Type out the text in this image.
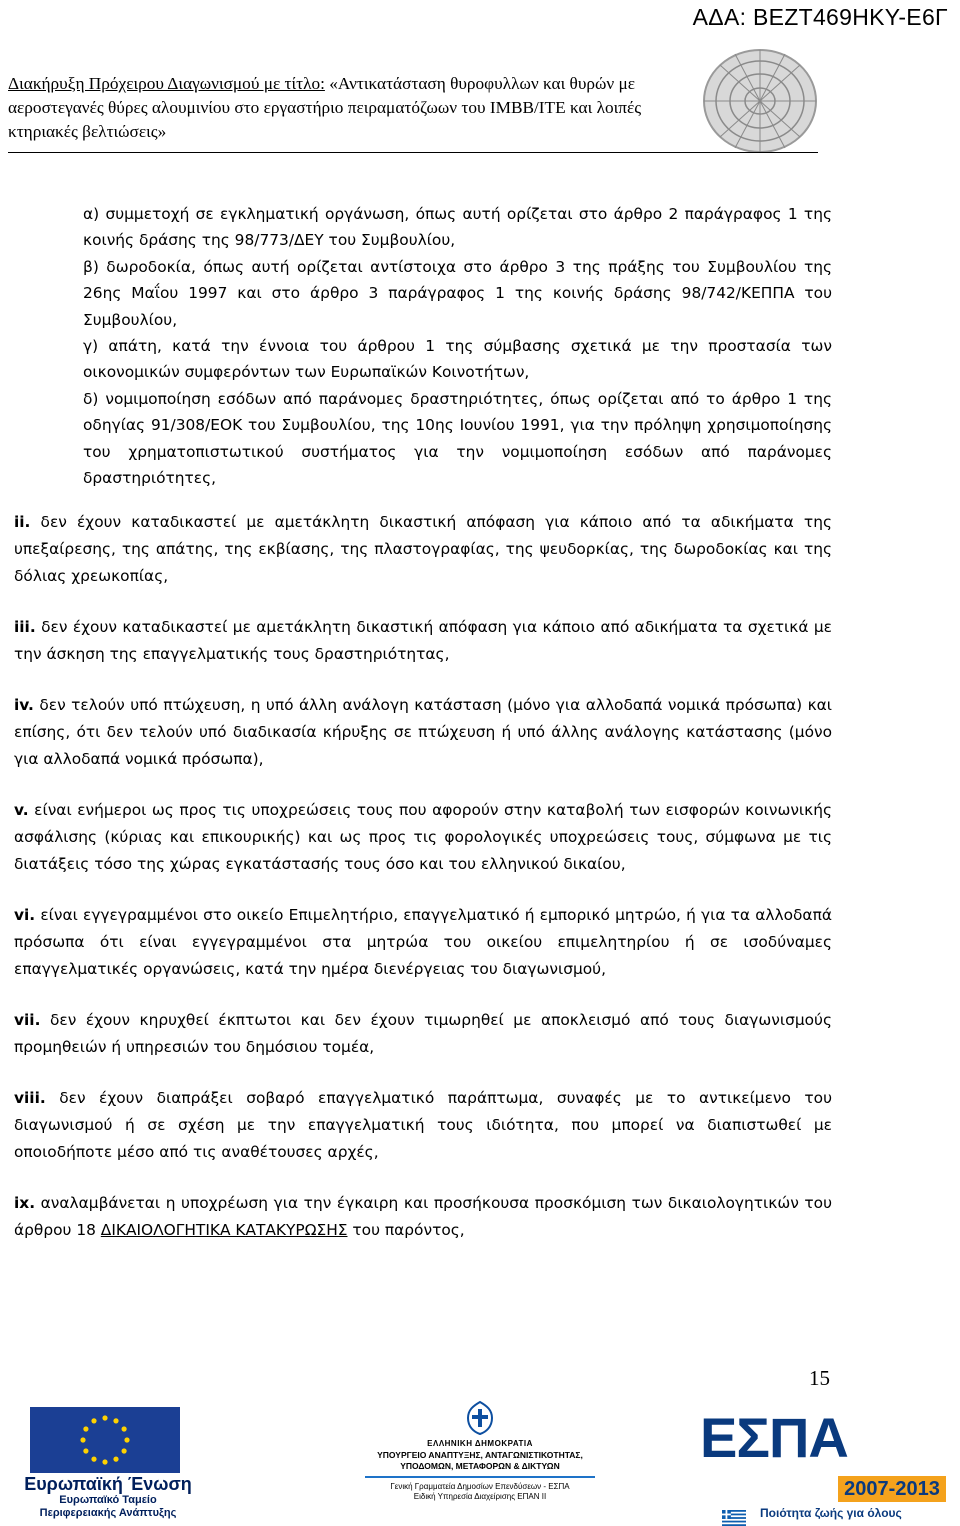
ΑΔΑ: ΒΕΖΤ469ΗΚΥ-Ε6Γ
Διακήρυξη Πρόχειρου Διαγωνισμού με τίτλο: «Αντικατάσταση θυροφυλλων και θυρών με αεροστεγανές θύρες αλουμινίου στο εργαστήριο πειραματόζωων του ΙΜΒΒ/ΙΤΕ και λοιπές κτηριακές βελτιώσεις»

α) συμμετοχή σε εγκληματική οργάνωση, όπως αυτή ορίζεται στο άρθρο 2 παράγραφος 1 της κοινής δράσης της 98/773/ΔΕΥ του Συμβουλίου,

β) δωροδοκία, όπως αυτή ορίζεται αντίστοιχα στο άρθρο 3 της πράξης του Συμβουλίου της 26ης Μαΐου 1997 και στο άρθρο 3 παράγραφος 1 της κοινής δράσης 98/742/ΚΕΠΠΑ του Συμβουλίου,

γ) απάτη, κατά την έννοια του άρθρου 1 της σύμβασης σχετικά με την προστασία των οικονομικών συμφερόντων των Ευρωπαϊκών Κοινοτήτων,

δ) νομιμοποίηση εσόδων από παράνομες δραστηριότητες, όπως ορίζεται από το άρθρο 1 της οδηγίας 91/308/ΕΟΚ του Συμβουλίου, της 10ης Ιουνίου 1991, για την πρόληψη χρησιμοποίησης του χρηματοπιστωτικού συστήματος για την νομιμοποίηση εσόδων από παράνομες δραστηριότητες,

ii. δεν έχουν καταδικαστεί με αμετάκλητη δικαστική απόφαση για κάποιο από τα αδικήματα της υπεξαίρεσης, της απάτης, της εκβίασης, της πλαστογραφίας, της ψευδορκίας, της δωροδοκίας και της δόλιας χρεωκοπίας,

iii. δεν έχουν καταδικαστεί με αμετάκλητη δικαστική απόφαση για κάποιο από αδικήματα τα σχετικά με την άσκηση της επαγγελματικής τους δραστηριότητας,

iv. δεν τελούν υπό πτώχευση, η υπό άλλη ανάλογη κατάσταση (μόνο για αλλοδαπά νομικά πρόσωπα) και επίσης, ότι δεν τελούν υπό διαδικασία κήρυξης σε πτώχευση ή υπό άλλης ανάλογης κατάστασης (μόνο για αλλοδαπά νομικά πρόσωπα),

v. είναι ενήμεροι ως προς τις υποχρεώσεις τους που αφορούν στην καταβολή των εισφορών κοινωνικής ασφάλισης (κύριας και επικουρικής) και ως προς τις φορολογικές υποχρεώσεις τους, σύμφωνα με τις διατάξεις τόσο της χώρας εγκατάστασής τους όσο και του ελληνικού δικαίου,

vi. είναι εγγεγραμμένοι στο οικείο Επιμελητήριο, επαγγελματικό ή εμπορικό μητρώο, ή για τα αλλοδαπά πρόσωπα ότι είναι εγγεγραμμένοι στα μητρώα του οικείου επιμελητηρίου ή σε ισοδύναμες επαγγελματικές οργανώσεις, κατά την ημέρα διενέργειας του διαγωνισμού,

vii. δεν έχουν κηρυχθεί έκπτωτοι και δεν έχουν τιμωρηθεί με αποκλεισμό από τους διαγωνισμούς προμηθειών ή υπηρεσιών του δημόσιου τομέα,

viii. δεν έχουν διαπράξει σοβαρό επαγγελματικό παράπτωμα, συναφές με το αντικείμενο του διαγωνισμού ή σε σχέση με την επαγγελματική τους ιδιότητα, που μπορεί να διαπιστωθεί με οποιοδήποτε μέσο από τις αναθέτουσες αρχές,

ix. αναλαμβάνεται η υποχρέωση για την έγκαιρη και προσήκουσα προσκόμιση των δικαιολογητικών του άρθρου 18 ΔΙΚΑΙΟΛΟΓΗΤΙΚΑ ΚΑΤΑΚΥΡΩΣΗΣ του παρόντος,

15
Ευρωπαϊκή Ένωση
Ευρωπαϊκό Ταμείο
Περιφερειακής Ανάπτυξης
ΕΛΛΗΝΙΚΗ ΔΗΜΟΚΡΑΤΙΑ
ΥΠΟΥΡΓΕΙΟ ΑΝΑΠΤΥΞΗΣ, ΑΝΤΑΓΩΝΙΣΤΙΚΟΤΗΤΑΣ,
ΥΠΟΔΟΜΩΝ, ΜΕΤΑΦΟΡΩΝ & ΔΙΚΤΥΩΝ
Γενική Γραμματεία Δημοσίων Επενδύσεων - ΕΣΠΑ
Ειδική Υπηρεσία Διαχείρισης ΕΠΑΝ ΙΙ
ΕΣΠΑ
2007-2013
Ποιότητα ζωής για όλους
